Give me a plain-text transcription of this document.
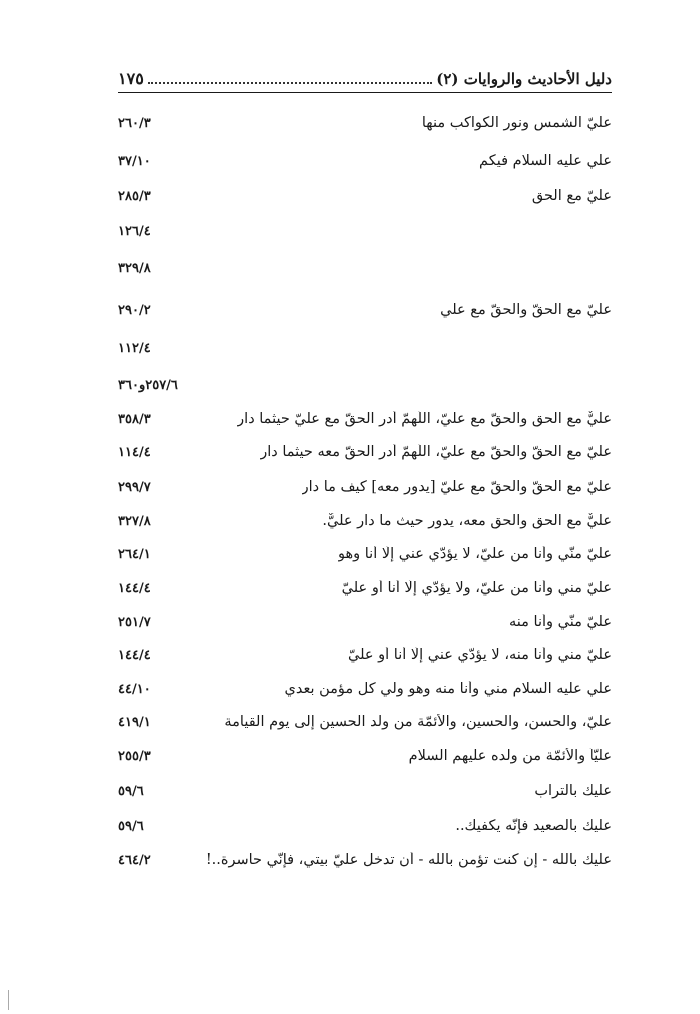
دليل الأحاديث والروايات (٢)
١٧٥
عليّ الشمس ونور الكواكب منها
٢٦٠/٣
علي عليه السلام فيكم
٣٧/١٠
عليّ مع الحق
٢٨٥/٣
١٢٦/٤
٣٢٩/٨
عليّ مع الحقّ والحقّ مع علي
٢٩٠/٢
١١٢/٤
٢٥٧/٦و٣٦٠
عليٌّ مع الحق والحقّ مع عليّ، اللّهمّ أدر الحقّ مع عليّ حيثما دار
٣٥٨/٣
عليّ مع الحقّ والحقّ مع عليّ، اللّهمّ أدر الحقّ معه حيثما دار
١١٤/٤
عليّ مع الحقّ والحقّ مع عليّ [يدور معه] كيف ما دار
٢٩٩/٧
عليٌّ مع الحق والحق معه، يدور حيث ما دار عليٌّ.
٣٢٧/٨
عليّ منّي وأنا من عليّ، لا يؤدّي عني إلّا أنا وهو
٢٦٤/١
عليّ مني وأنا من عليّ، ولا يؤدّي إلّا أنا أو عليّ
١٤٤/٤
عليّ منّي وأنا منه
٢٥١/٧
عليّ مني وأنا منه، لا يؤدّي عني إلّا أنا أو عليّ
١٤٤/٤
علي عليه السلام مني وأنا منه وهو ولي كل مؤمن بعدي
٤٤/١٠
عليّ، والحسن، والحسين، والأئمّة من ولد الحسين إلى يوم القيامة
٤١٩/١
عليّاً والأئمّة من ولده عليهم السلام
٢٥٥/٣
عليك بالتراب
٥٩/٦
عليك بالصعيد فإنّه يكفيك..
٥٩/٦
عليك بالله - إن كنت تؤمن بالله - أن تدخل عليّ بيتي، فإنّي حاسرة..!
٤٦٤/٢
